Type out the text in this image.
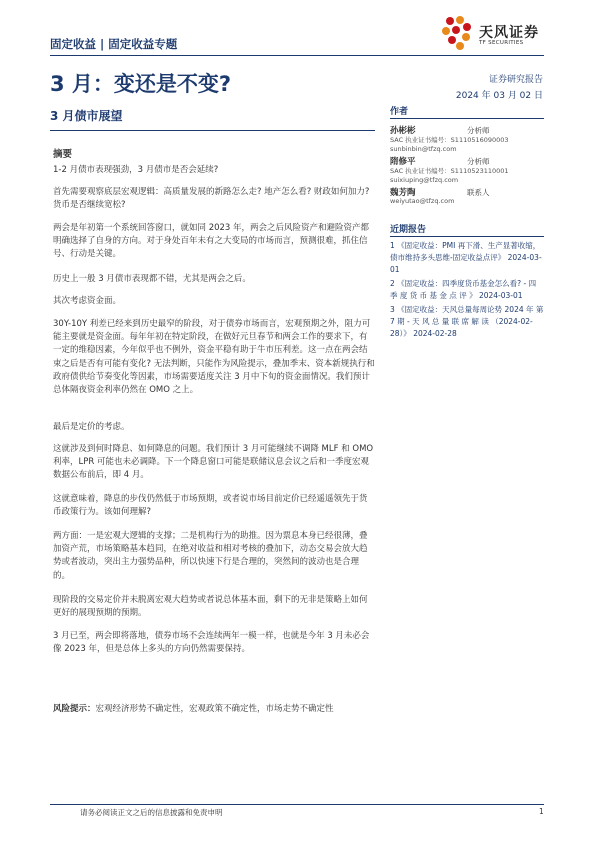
固定收益 | 固定收益专题
天风证券
TF SECURITIES
3 月：变还是不变?	证券研究报告
2024 年 03 月 02 日
3 月债市展望
摘要

1-2 月债市表现强劲，3 月债市是否会延续?

首先需要观察底层宏观逻辑：高质量发展的新路怎么走? 地产怎么看? 财政如何加力? 货币是否继续宽松?

两会是年初第一个系统回答窗口，就如同 2023 年，两会之后风险资产和避险资产都明确选择了自身的方向。对于身处百年未有之大变局的市场而言，预测很难，抓住信号、行动是关键。

历史上一般 3 月债市表现都不错，尤其是两会之后。

其次考虑资金面。

30Y-10Y 利差已经来到历史最窄的阶段，对于债券市场而言，宏观预期之外，阻力可能主要就是资金面。每年年初在特定阶段，在做好元旦春节和两会工作的要求下，有一定的维稳因素，今年似乎也不例外，资金平稳有助于牛市压利差。这一点在两会结束之后是否有可能有变化? 无法判断，只能作为风险提示，叠加季末、资本新规执行和政府债供给节奏变化等因素，市场需要适度关注 3 月中下旬的资金面情况。我们预计总体隔夜资金利率仍然在 OMO 之上。

最后是定价的考虑。

这就涉及到何时降息、如何降息的问题。我们预计 3 月可能继续不调降 MLF 和 OMO 利率，LPR 可能也未必调降。下一个降息窗口可能是联储议息会议之后和一季度宏观数据公布前后，即 4 月。

这就意味着，降息的步伐仍然低于市场预期，或者说市场目前定价已经遥遥领先于货币政策行为。该如何理解?

两方面：一是宏观大逻辑的支撑；二是机构行为的助推。因为票息本身已经很薄，叠加资产荒，市场策略基本趋同，在绝对收益和相对考核的叠加下，动态交易会放大趋势或者波动，突出主力强势品种，所以快速下行是合理的，突然间的波动也是合理的。

现阶段的交易定价并未脱离宏观大趋势或者说总体基本面，剩下的无非是策略上如何更好的展现预期的预期。

3 月已至，两会即将落地，债券市场不会连续两年一模一样，也就是今年 3 月未必会像 2023 年，但是总体上多头的方向仍然需要保持。

风险提示：宏观经济形势不确定性，宏观政策不确定性，市场走势不确定性
作者
孙彬彬	分析师
SAC 执业证书编号：S1110516090003
sunbinbin@tfzq.com
隋修平	分析师
SAC 执业证书编号：S1110523110001
suixiuping@tfzq.com
魏芳陶	联系人
weiyutao@tfzq.com
近期报告

1 《固定收益：PMI 再下滑、生产显著收缩，债市维持多头思维-固定收益点评》 2024-03-01

2 《固定收益：四季度货币基金怎么看? - 四 季 度 货 币 基 金 点 评 》 2024-03-01

3 《固定收益：天风总量每周论势 2024 年 第 7 期 - 天 风 总 量 联 席 解 读 （2024-02-28）》 2024-02-28

请务必阅读正文之后的信息披露和免责申明	1
